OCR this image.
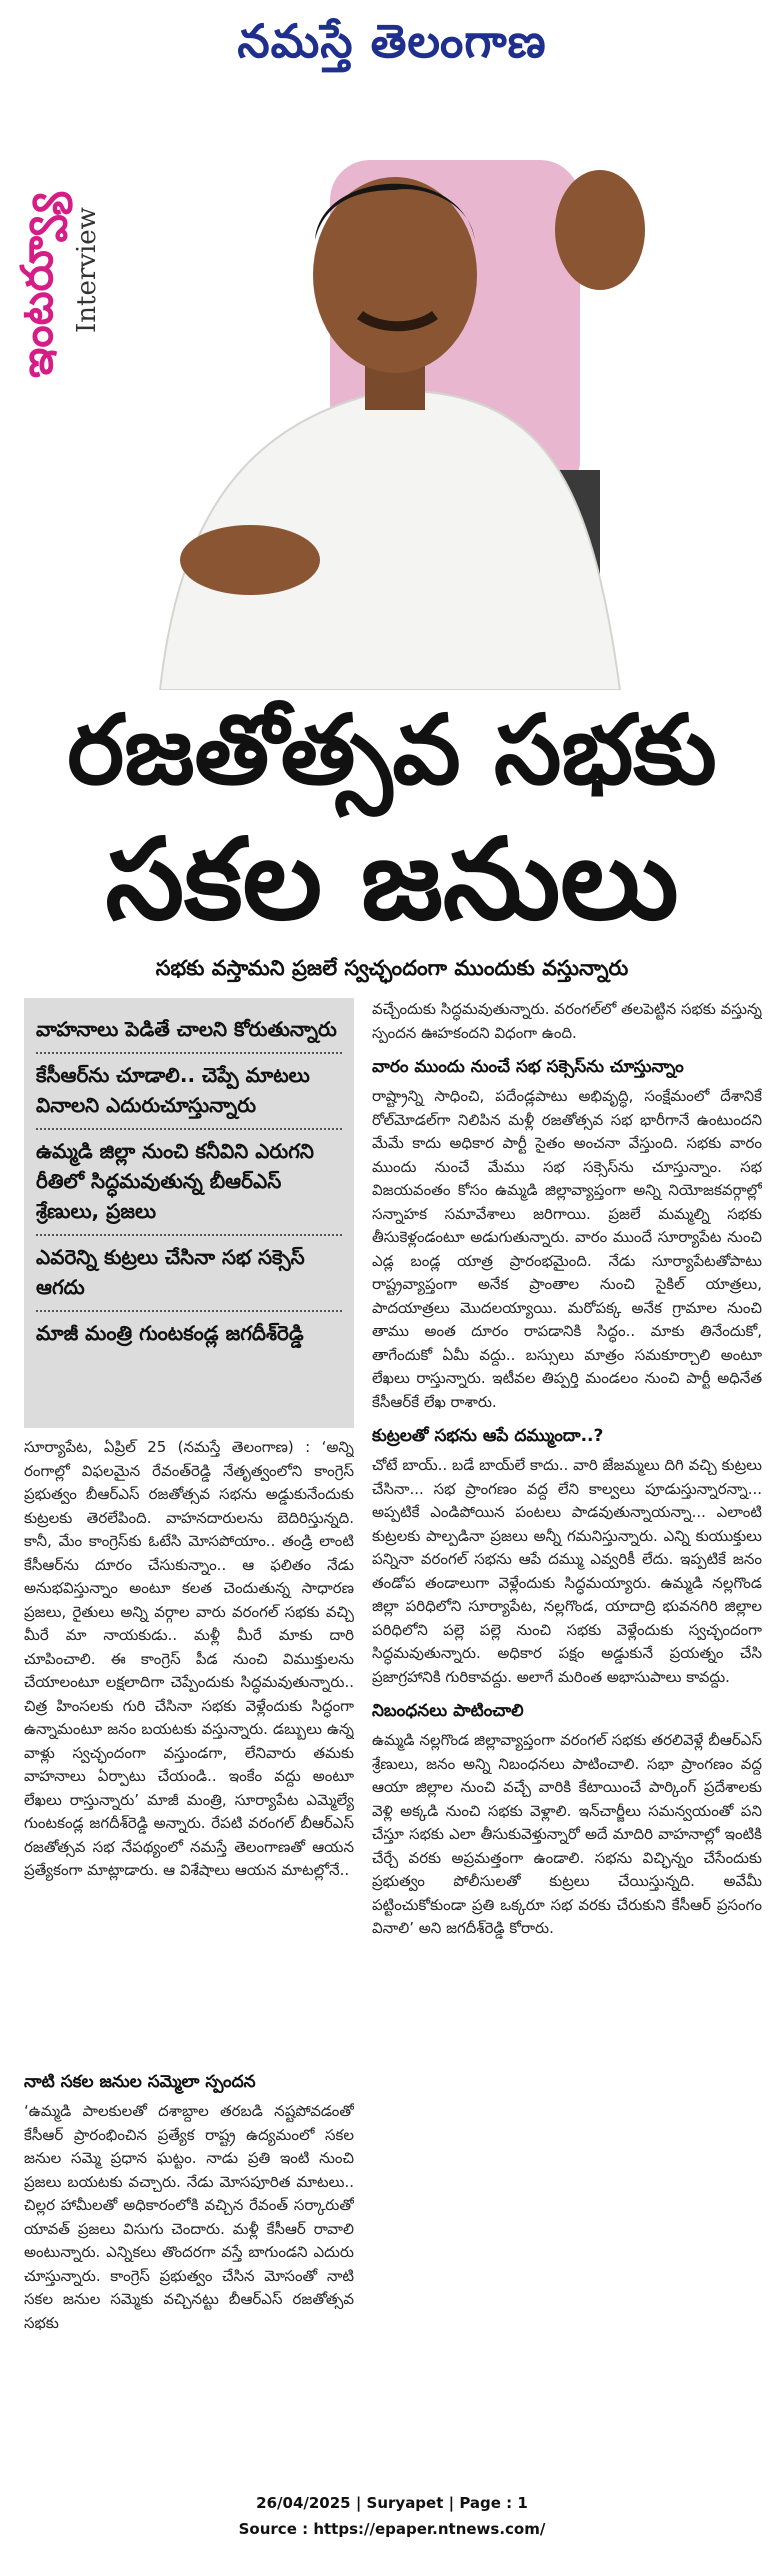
నమస్తే తెలంగాణ
ఇంటర్వ్యూ Interview
రజతోత్సవ సభకు
సకల జనులు
సభకు వస్తామని ప్రజలే స్వచ్ఛందంగా ముందుకు వస్తున్నారు
వాహనాలు పెడితే చాలని కోరుతున్నారు
కేసీఆర్‌ను చూడాలి.. చెప్పే మాటలు వినాలని ఎదురుచూస్తున్నారు
ఉమ్మడి జిల్లా నుంచి కనీవిని ఎరుగని రీతిలో సిద్ధమవుతున్న బీఆర్‌ఎస్ శ్రేణులు, ప్రజలు
ఎవరెన్ని కుట్రలు చేసినా సభ సక్సెస్ ఆగదు
మాజీ మంత్రి గుంటకండ్ల జగదీశ్‌రెడ్డి

సూర్యాపేట, ఏప్రిల్ 25 (నమస్తే తెలంగాణ) : ‘అన్ని రంగాల్లో విఫలమైన రేవంత్‌రెడ్డి నేతృత్వంలోని కాంగ్రెస్ ప్రభుత్వం బీఆర్‌ఎస్ రజతోత్సవ సభను అడ్డుకునేందుకు కుట్రలకు తెరలేపింది. వాహనదారులను బెదిరిస్తున్నది. కానీ, మేం కాంగ్రెస్‌కు ఓటేసి మోసపోయాం.. తండ్రి లాంటి కేసీఆర్‌ను దూరం చేసుకున్నాం.. ఆ ఫలితం నేడు అనుభవిస్తున్నాం అంటూ కలత చెందుతున్న సాధారణ ప్రజలు, రైతులు అన్ని వర్గాల వారు వరంగల్ సభకు వచ్చి మీరే మా నాయకుడు.. మళ్లీ మీరే మాకు దారి చూపించాలి. ఈ కాంగ్రెస్ పీడ నుంచి విముక్తులను చేయాలంటూ లక్షలాదిగా చెప్పేందుకు సిద్ధమవుతున్నారు.. చిత్ర హింసలకు గురి చేసినా సభకు వెళ్లేందుకు సిద్ధంగా ఉన్నామంటూ జనం బయటకు వస్తున్నారు. డబ్బులు ఉన్న వాళ్లు స్వచ్ఛందంగా వస్తుండగా, లేనివారు తమకు వాహనాలు ఏర్పాటు చేయండి.. ఇంకేం వద్దు అంటూ లేఖలు రాస్తున్నారు’ మాజీ మంత్రి, సూర్యాపేట ఎమ్మెల్యే గుంటకండ్ల జగదీశ్‌రెడ్డి అన్నారు. రేపటి వరంగల్ బీఆర్‌ఎస్ రజతోత్సవ సభ నేపథ్యంలో నమస్తే తెలంగాణతో ఆయన ప్రత్యేకంగా మాట్లాడారు. ఆ విశేషాలు ఆయన మాటల్లోనే..

నాటి సకల జనుల సమ్మెలా స్పందన

‘ఉమ్మడి పాలకులతో దశాబ్దాల తరబడి నష్టపోవడంతో కేసీఆర్ ప్రారంభించిన ప్రత్యేక రాష్ట్ర ఉద్యమంలో సకల జనుల సమ్మె ప్రధాన ఘట్టం. నాడు ప్రతి ఇంటి నుంచి ప్రజలు బయటకు వచ్చారు. నేడు మోసపూరిత మాటలు.. చిల్లర హామీలతో అధికారంలోకి వచ్చిన రేవంత్ సర్కారుతో యావత్ ప్రజలు విసుగు చెందారు. మళ్లీ కేసీఆర్ రావాలి అంటున్నారు. ఎన్నికలు తొందరగా వస్తే బాగుండని ఎదురు చూస్తున్నారు. కాంగ్రెస్ ప్రభుత్వం చేసిన మోసంతో నాటి సకల జనుల సమ్మెకు వచ్చినట్టు బీఆర్‌ఎస్ రజతోత్సవ సభకు

వచ్చేందుకు సిద్ధమవుతున్నారు. వరంగల్‌లో తలపెట్టిన సభకు వస్తున్న స్పందన ఊహకందని విధంగా ఉంది.

వారం ముందు నుంచే సభ సక్సెస్‌ను చూస్తున్నాం

రాష్ట్రాన్ని సాధించి, పదేండ్లపాటు అభివృద్ధి, సంక్షేమంలో దేశానికే రోల్‌మోడల్‌గా నిలిపిన మళ్లీ రజతోత్సవ సభ భారీగానే ఉంటుందని మేమే కాదు అధికార పార్టీ సైతం అంచనా వేస్తుంది. సభకు వారం ముందు నుంచే మేము సభ సక్సెస్‌ను చూస్తున్నాం. సభ విజయవంతం కోసం ఉమ్మడి జిల్లావ్యాప్తంగా అన్ని నియోజకవర్గాల్లో సన్నాహక సమావేశాలు జరిగాయి. ప్రజలే మమ్మల్ని సభకు తీసుకెళ్లండంటూ అడుగుతున్నారు. వారం ముందే సూర్యాపేట నుంచి ఎడ్ల బండ్ల యాత్ర ప్రారంభమైంది. నేడు సూర్యాపేటతోపాటు రాష్ట్రవ్యాప్తంగా అనేక ప్రాంతాల నుంచి సైకిల్ యాత్రలు, పాదయాత్రలు మొదలయ్యాయి. మరోపక్క అనేక గ్రామాల నుంచి తాము అంత దూరం రాపడానికి సిద్ధం.. మాకు తినేందుకో, తాగేందుకో ఏమీ వద్దు.. బస్సులు మాత్రం సమకూర్చాలి అంటూ లేఖలు రాస్తున్నారు. ఇటీవల తిప్పర్తి మండలం నుంచి పార్టీ అధినేత కేసీఆర్‌కే లేఖ రాశారు.

కుట్రలతో సభను ఆపే దమ్ముందా..?

చోటే బాయ్.. బడే బాయ్‌లే కాదు.. వారి జేజమ్మలు దిగి వచ్చి కుట్రలు చేసినా... సభ ప్రాంగణం వద్ద లేని కాల్వలు పూడుస్తున్నారన్నా... అప్పటికే ఎండిపోయిన పంటలు పాడవుతున్నాయన్నా... ఎలాంటి కుట్రలకు పాల్పడినా ప్రజలు అన్నీ గమనిస్తున్నారు. ఎన్ని కుయుక్తులు పన్నినా వరంగల్ సభను ఆపే దమ్ము ఎవ్వరికీ లేదు. ఇప్పటికే జనం తండోప తండాలుగా వెళ్లేందుకు సిద్ధమయ్యారు. ఉమ్మడి నల్లగొండ జిల్లా పరిధిలోని సూర్యాపేట, నల్లగొండ, యాదాద్రి భువనగిరి జిల్లాల పరిధిలోని పల్లె పల్లె నుంచి సభకు వెళ్లేందుకు స్వచ్ఛందంగా సిద్ధమవుతున్నారు. అధికార పక్షం అడ్డుకునే ప్రయత్నం చేసి ప్రజాగ్రహానికి గురికావద్దు. అలాగే మరింత అభాసుపాలు కావద్దు.

నిబంధనలు పాటించాలి

ఉమ్మడి నల్లగొండ జిల్లావ్యాప్తంగా వరంగల్ సభకు తరలివెళ్లే బీఆర్‌ఎస్ శ్రేణులు, జనం అన్ని నిబంధనలు పాటించాలి. సభా ప్రాంగణం వద్ద ఆయా జిల్లాల నుంచి వచ్చే వారికి కేటాయించే పార్కింగ్ ప్రదేశాలకు వెళ్లి అక్కడి నుంచి సభకు వెళ్లాలి. ఇన్‌చార్జీలు సమన్వయంతో పని చేస్తూ సభకు ఎలా తీసుకువెళ్తున్నారో అదే మాదిరి వాహనాల్లో ఇంటికి చేర్చే వరకు అప్రమత్తంగా ఉండాలి. సభను విచ్ఛిన్నం చేసేందుకు ప్రభుత్వం పోలీసులతో కుట్రలు చేయిస్తున్నది. అవేమీ పట్టించుకోకుండా ప్రతి ఒక్కరూ సభ వరకు చేరుకుని కేసీఆర్ ప్రసంగం వినాలి’ అని జగదీశ్‌రెడ్డి కోరారు.

26/04/2025 | Suryapet | Page : 1
Source : https://epaper.ntnews.com/
